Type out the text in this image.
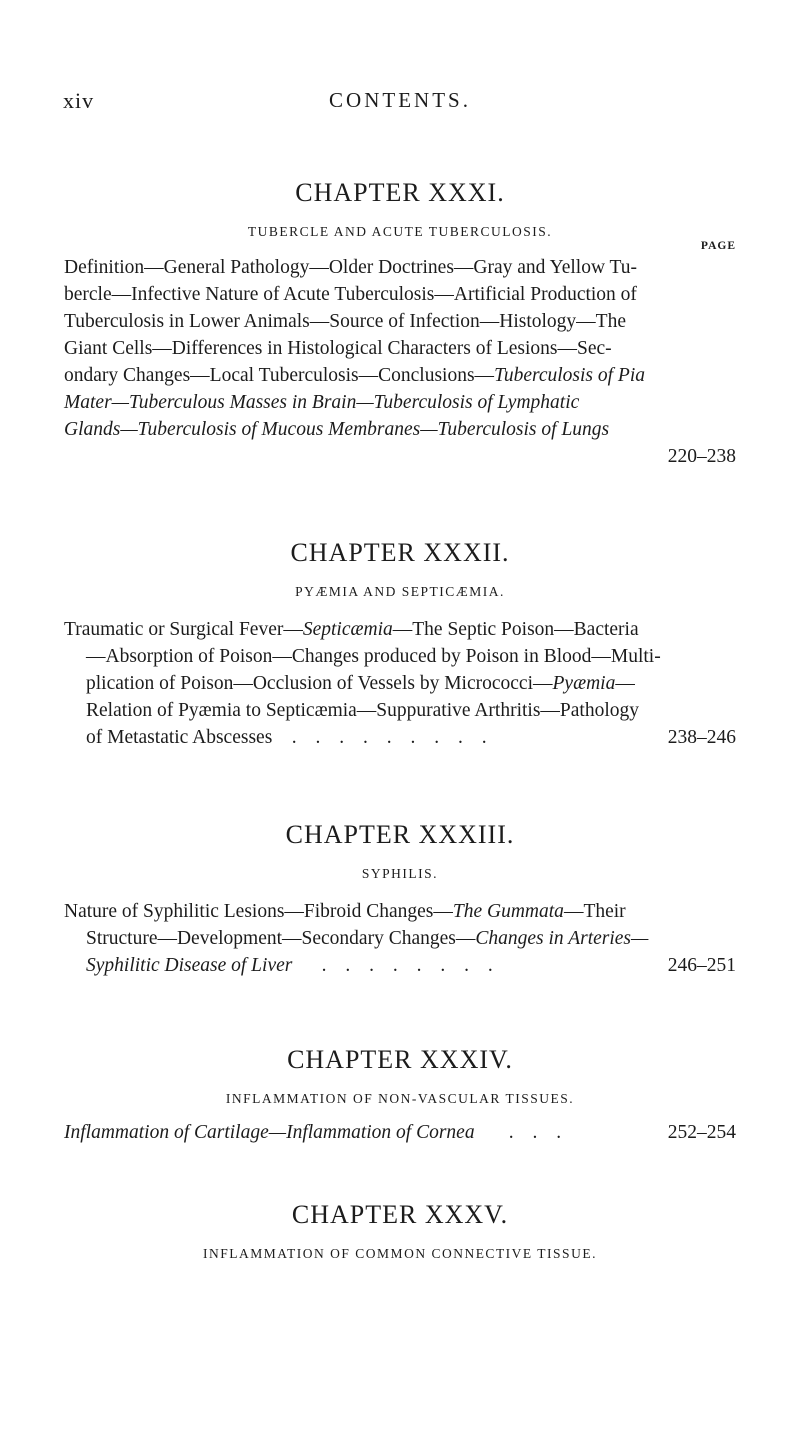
xiv	CONTENTS.
CHAPTER XXXI.
TUBERCLE AND ACUTE TUBERCULOSIS.
PAGE
Definition—General Pathology—Older Doctrines—Gray and Yellow Tu-
bercle—Infective Nature of Acute Tuberculosis—Artificial Production of
Tuberculosis in Lower Animals—Source of Infection—Histology—The
Giant Cells—Differences in Histological Characters of Lesions—Sec-
ondary Changes—Local Tuberculosis—Conclusions—Tuberculosis of Pia
Mater—Tuberculous Masses in Brain—Tuberculosis of Lymphatic
Glands—Tuberculosis of Mucous Membranes—Tuberculosis of Lungs
220–238
CHAPTER XXXII.
PYÆMIA AND SEPTICÆMIA.
Traumatic or Surgical Fever—Septicæmia—The Septic Poison—Bacteria
—Absorption of Poison—Changes produced by Poison in Blood—Multi-
plication of Poison—Occlusion of Vessels by Micrococci—Pyæmia—
Relation of Pyæmia to Septicæmia—Suppurative Arthritis—Pathology
of Metastatic Abscesses . . . . . . . . .	238–246
CHAPTER XXXIII.
SYPHILIS.
Nature of Syphilitic Lesions—Fibroid Changes—The Gummata—Their
Structure—Development—Secondary Changes—Changes in Arteries—
Syphilitic Disease of Liver . . . . . . . .	246–251
CHAPTER XXXIV.
INFLAMMATION OF NON-VASCULAR TISSUES.
Inflammation of Cartilage—Inflammation of Cornea . . .	252–254
CHAPTER XXXV.
INFLAMMATION OF COMMON CONNECTIVE TISSUE.
